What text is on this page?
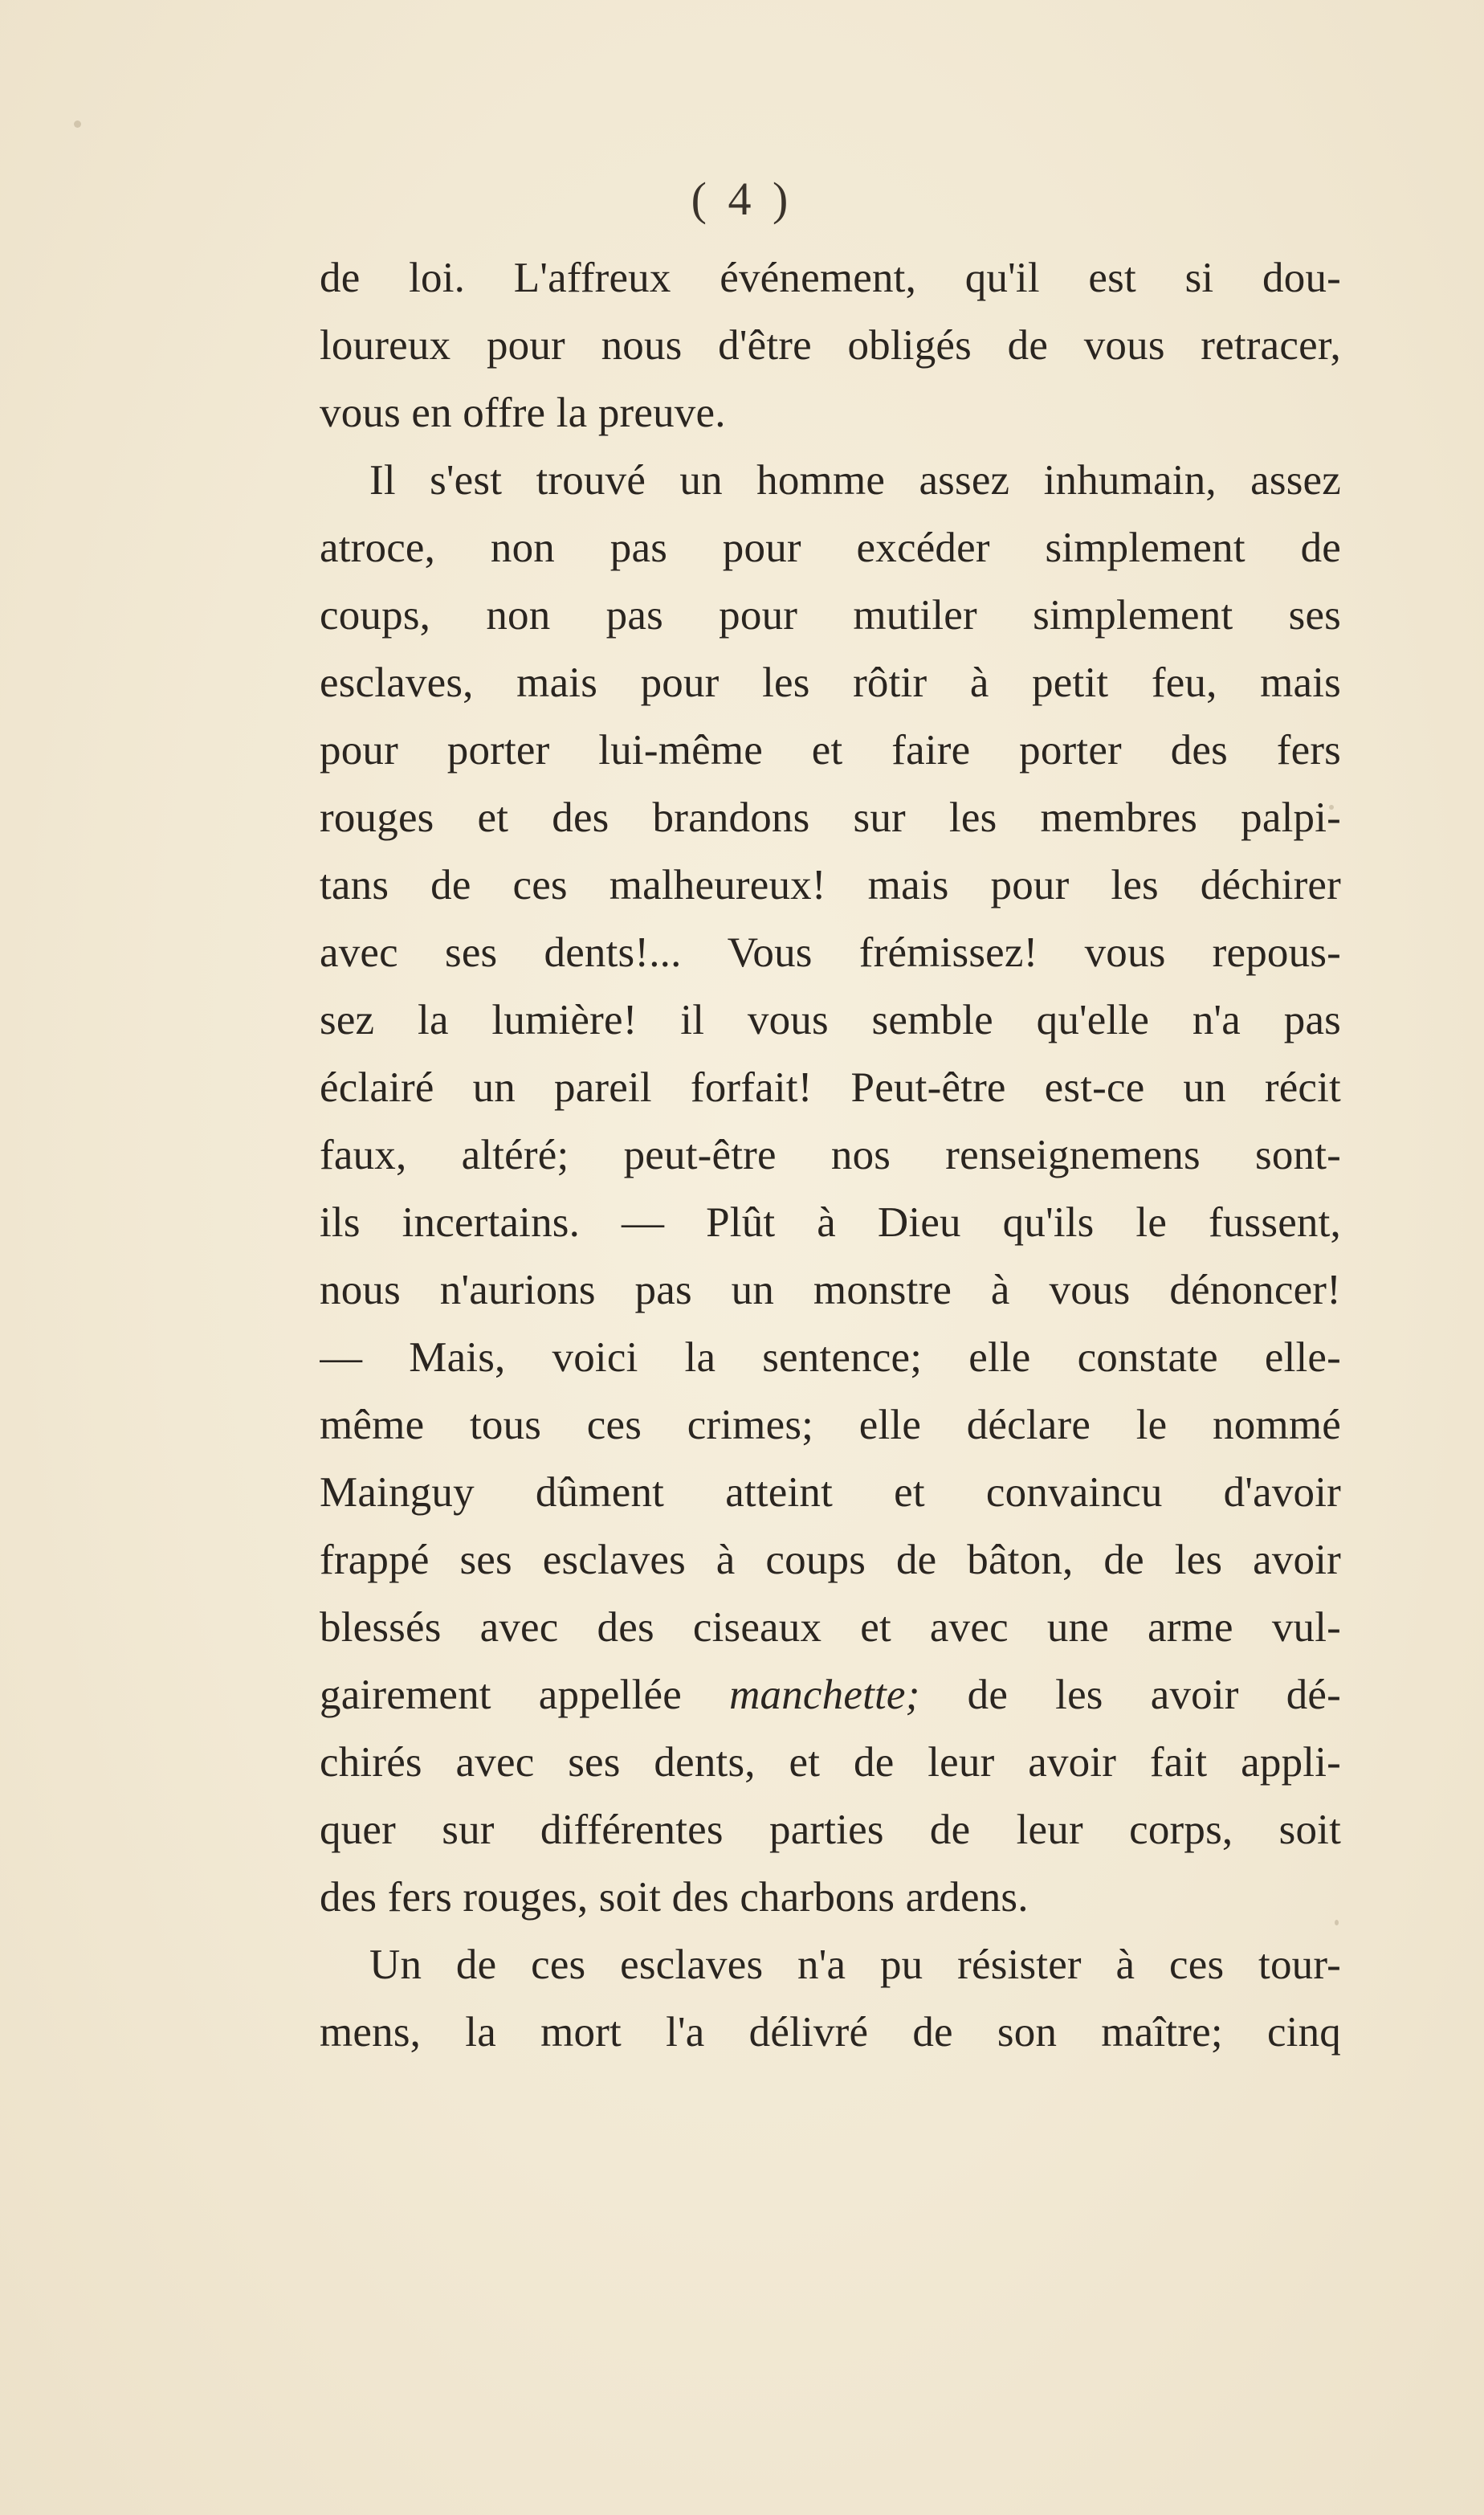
( 4 )
de loi. L'affreux événement, qu'il est si dou-
loureux pour nous d'être obligés de vous retracer,
vous en offre la preuve.
Il s'est trouvé un homme assez inhumain, assez
atroce, non pas pour excéder simplement de
coups, non pas pour mutiler simplement ses
esclaves, mais pour les rôtir à petit feu, mais
pour porter lui-même et faire porter des fers
rouges et des brandons sur les membres palpi-
tans de ces malheureux! mais pour les déchirer
avec ses dents!... Vous frémissez! vous repous-
sez la lumière! il vous semble qu'elle n'a pas
éclairé un pareil forfait! Peut-être est-ce un récit
faux, altéré; peut-être nos renseignemens sont-
ils incertains. — Plût à Dieu qu'ils le fussent,
nous n'aurions pas un monstre à vous dénoncer!
— Mais, voici la sentence; elle constate elle-
même tous ces crimes; elle déclare le nommé
Mainguy dûment atteint et convaincu d'avoir
frappé ses esclaves à coups de bâton, de les avoir
blessés avec des ciseaux et avec une arme vul-
gairement appellée manchette; de les avoir dé-
chirés avec ses dents, et de leur avoir fait appli-
quer sur différentes parties de leur corps, soit
des fers rouges, soit des charbons ardens.
Un de ces esclaves n'a pu résister à ces tour-
mens, la mort l'a délivré de son maître; cinq
